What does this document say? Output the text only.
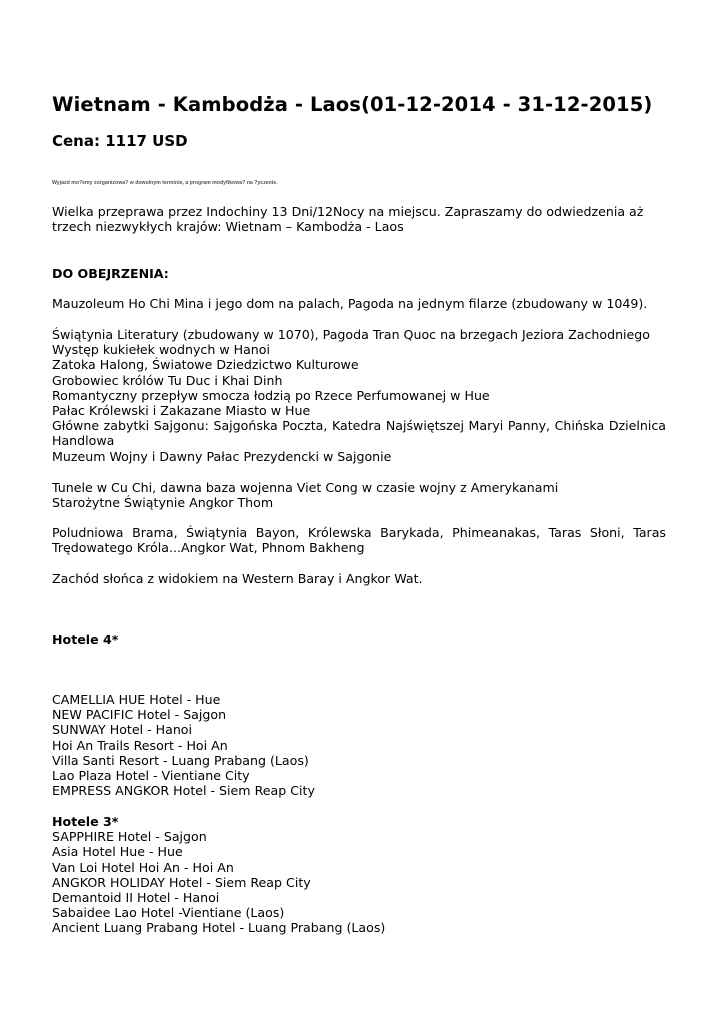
Wietnam - Kambodża - Laos(01-12-2014 - 31-12-2015)
Cena: 1117 USD

Wyjazd mo?emy zorganizowa? w dowolnym terminie, a program modyfikowa? na ?yczenie.

Wielka przeprawa przez Indochiny 13 Dni/12Nocy na miejscu. Zapraszamy do odwiedzenia aż trzech niezwykłych krajów: Wietnam – Kambodża - Laos

DO OBEJRZENIA:

Mauzoleum Ho Chi Mina i jego dom na palach, Pagoda na jednym filarze (zbudowany w 1049).

Świątynia Literatury (zbudowany w 1070), Pagoda Tran Quoc na brzegach Jeziora Zachodniego
Występ kukiełek wodnych w Hanoi
Zatoka Halong, Światowe Dziedzictwo Kulturowe
Grobowiec królów Tu Duc i Khai Dinh
Romantyczny przepływ smocza łodzią po Rzece Perfumowanej w Hue
Pałac Królewski i Zakazane Miasto w Hue

Główne zabytki Sajgonu: Sajgońska Poczta, Katedra Najświętszej Maryi Panny, Chińska Dzielnica Handlowa

Muzeum Wojny i Dawny Pałac Prezydencki w Sajgonie
Tunele w Cu Chi, dawna baza wojenna Viet Cong w czasie wojny z Amerykanami
Starożytne Świątynie Angkor Thom

Poludniowa Brama, Świątynia Bayon, Królewska Barykada, Phimeanakas, Taras Słoni, Taras Trędowatego Króla...Angkor Wat, Phnom Bakheng

Zachód słońca z widokiem na Western Baray i Angkor Wat.

Hotele 4*
CAMELLIA HUE Hotel - Hue
NEW PACIFIC Hotel - Sajgon
SUNWAY Hotel - Hanoi
Hoi An Trails Resort - Hoi An
Villa Santi Resort - Luang Prabang (Laos)
Lao Plaza Hotel - Vientiane City
EMPRESS ANGKOR Hotel - Siem Reap City
Hotele 3*
SAPPHIRE Hotel - Sajgon
Asia Hotel Hue - Hue
Van Loi Hotel Hoi An - Hoi An
ANGKOR HOLIDAY Hotel - Siem Reap City
Demantoid II Hotel - Hanoi
Sabaidee Lao Hotel -Vientiane (Laos)
Ancient Luang Prabang Hotel - Luang Prabang (Laos)
